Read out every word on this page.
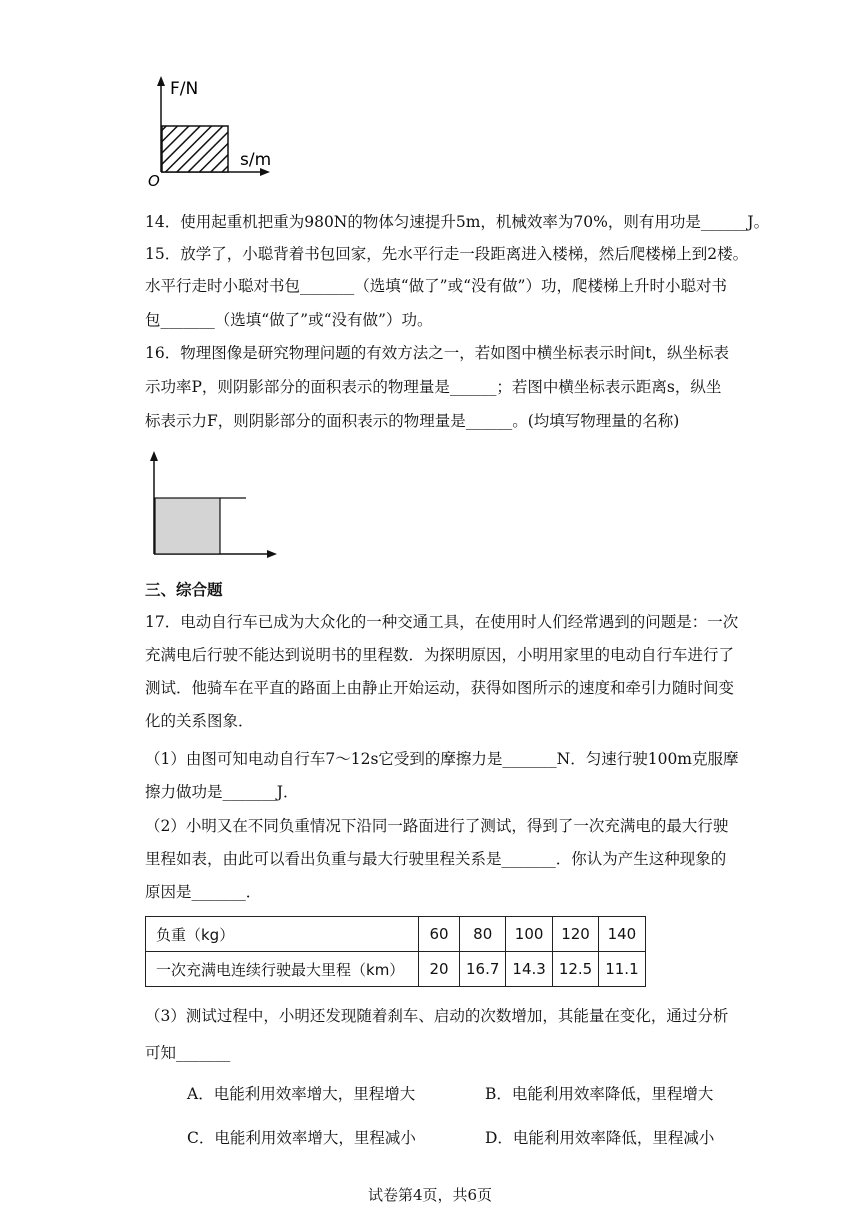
F/N
s/m
O
14．使用起重机把重为980N的物体匀速提升5m，机械效率为70%，则有用功是______J。
15．放学了，小聪背着书包回家，先水平行走一段距离进入楼梯，然后爬楼梯上到2楼。
水平行走时小聪对书包_______（选填“做了”或“没有做”）功，爬楼梯上升时小聪对书
包_______（选填“做了”或“没有做”）功。
16．物理图像是研究物理问题的有效方法之一，若如图中横坐标表示时间t，纵坐标表
示功率P，则阴影部分的面积表示的物理量是______；若图中横坐标表示距离s，纵坐
标表示力F，则阴影部分的面积表示的物理量是______。(均填写物理量的名称)
三、综合题
17．电动自行车已成为大众化的一种交通工具，在使用时人们经常遇到的问题是：一次
充满电后行驶不能达到说明书的里程数．为探明原因，小明用家里的电动自行车进行了
测试．他骑车在平直的路面上由静止开始运动，获得如图所示的速度和牵引力随时间变
化的关系图象．
（1）由图可知电动自行车7～12s它受到的摩擦力是_______N．匀速行驶100m克服摩
擦力做功是_______J．
（2）小明又在不同负重情况下沿同一路面进行了测试，得到了一次充满电的最大行驶
里程如表，由此可以看出负重与最大行驶里程关系是_______．你认为产生这种现象的
原因是_______．
负重（kg）	60	80	100	120	140
一次充满电连续行驶最大里程（km）	20	16.7	14.3	12.5	11.1
（3）测试过程中，小明还发现随着刹车、启动的次数增加，其能量在变化，通过分析
可知_______
A．电能利用效率增大，里程增大	B．电能利用效率降低，里程增大
C．电能利用效率增大，里程减小	D．电能利用效率降低，里程减小
试卷第4页，共6页
